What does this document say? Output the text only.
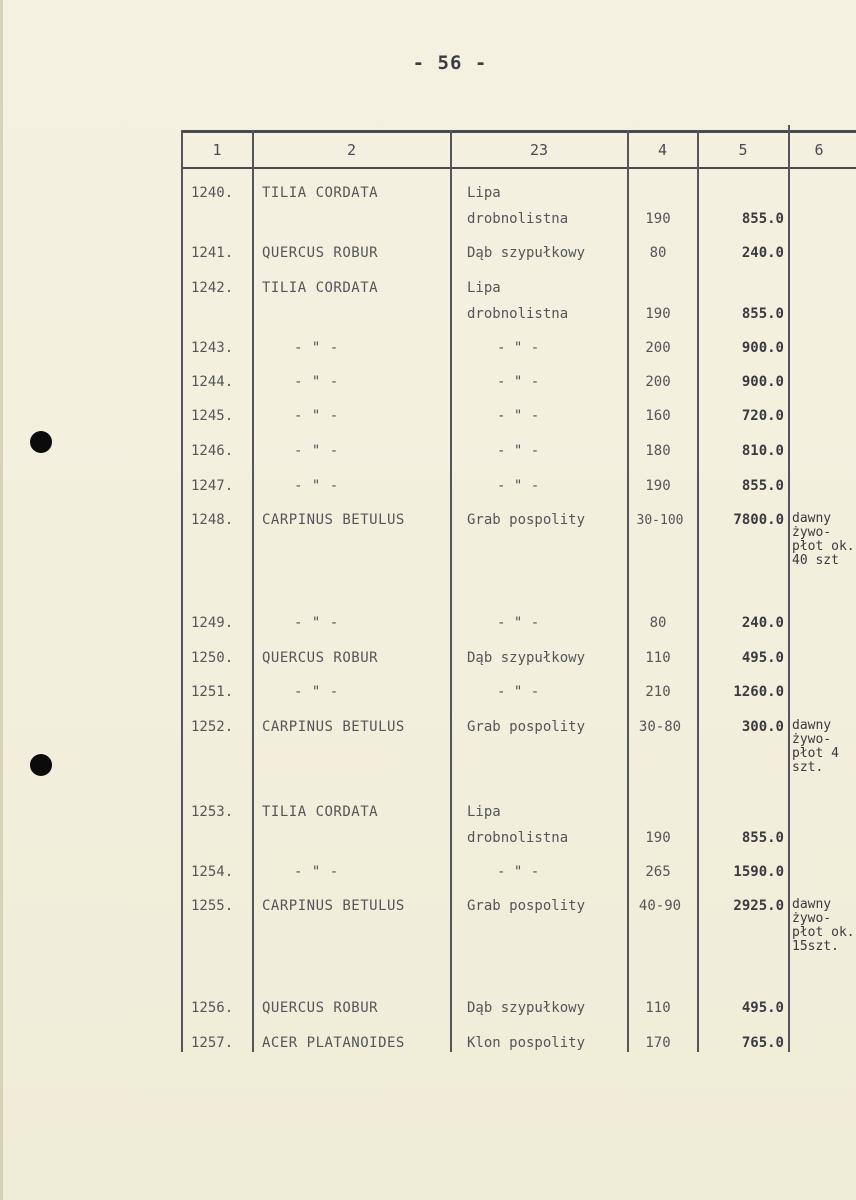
- 56 -
1	2	23	4	5	6
1240.	TILIA CORDATA	Lipa
drobnolistna	190	855.0
1241.	QUERCUS ROBUR	Dąb szypułkowy	80	240.0
1242.	TILIA CORDATA	Lipa
drobnolistna	190	855.0
1243.	- " -	- " -	200	900.0
1244.	- " -	- " -	200	900.0
1245.	- " -	- " -	160	720.0
1246.	- " -	- " -	180	810.0
1247.	- " -	- " -	190	855.0
1248.	CARPINUS BETULUS	Grab pospolity	30-100	7800.0 dawny żywo- płot ok. 40 szt
1249.	- " -	- " -	80	240.0
1250.	QUERCUS ROBUR	Dąb szypułkowy	110	495.0
1251.	- " -	- " -	210	1260.0
1252.	CARPINUS BETULUS	Grab pospolity	30-80	300.0 dawny żywo- płot 4 szt.
1253.	TILIA CORDATA	Lipa
drobnolistna	190	855.0
1254.	- " -	- " -	265	1590.0
1255.	CARPINUS BETULUS	Grab pospolity	40-90	2925.0 dawny żywo- płot ok. 15szt.
1256.	QUERCUS ROBUR	Dąb szypułkowy	110	495.0
1257.	ACER PLATANOIDES	Klon pospolity	170	765.0
